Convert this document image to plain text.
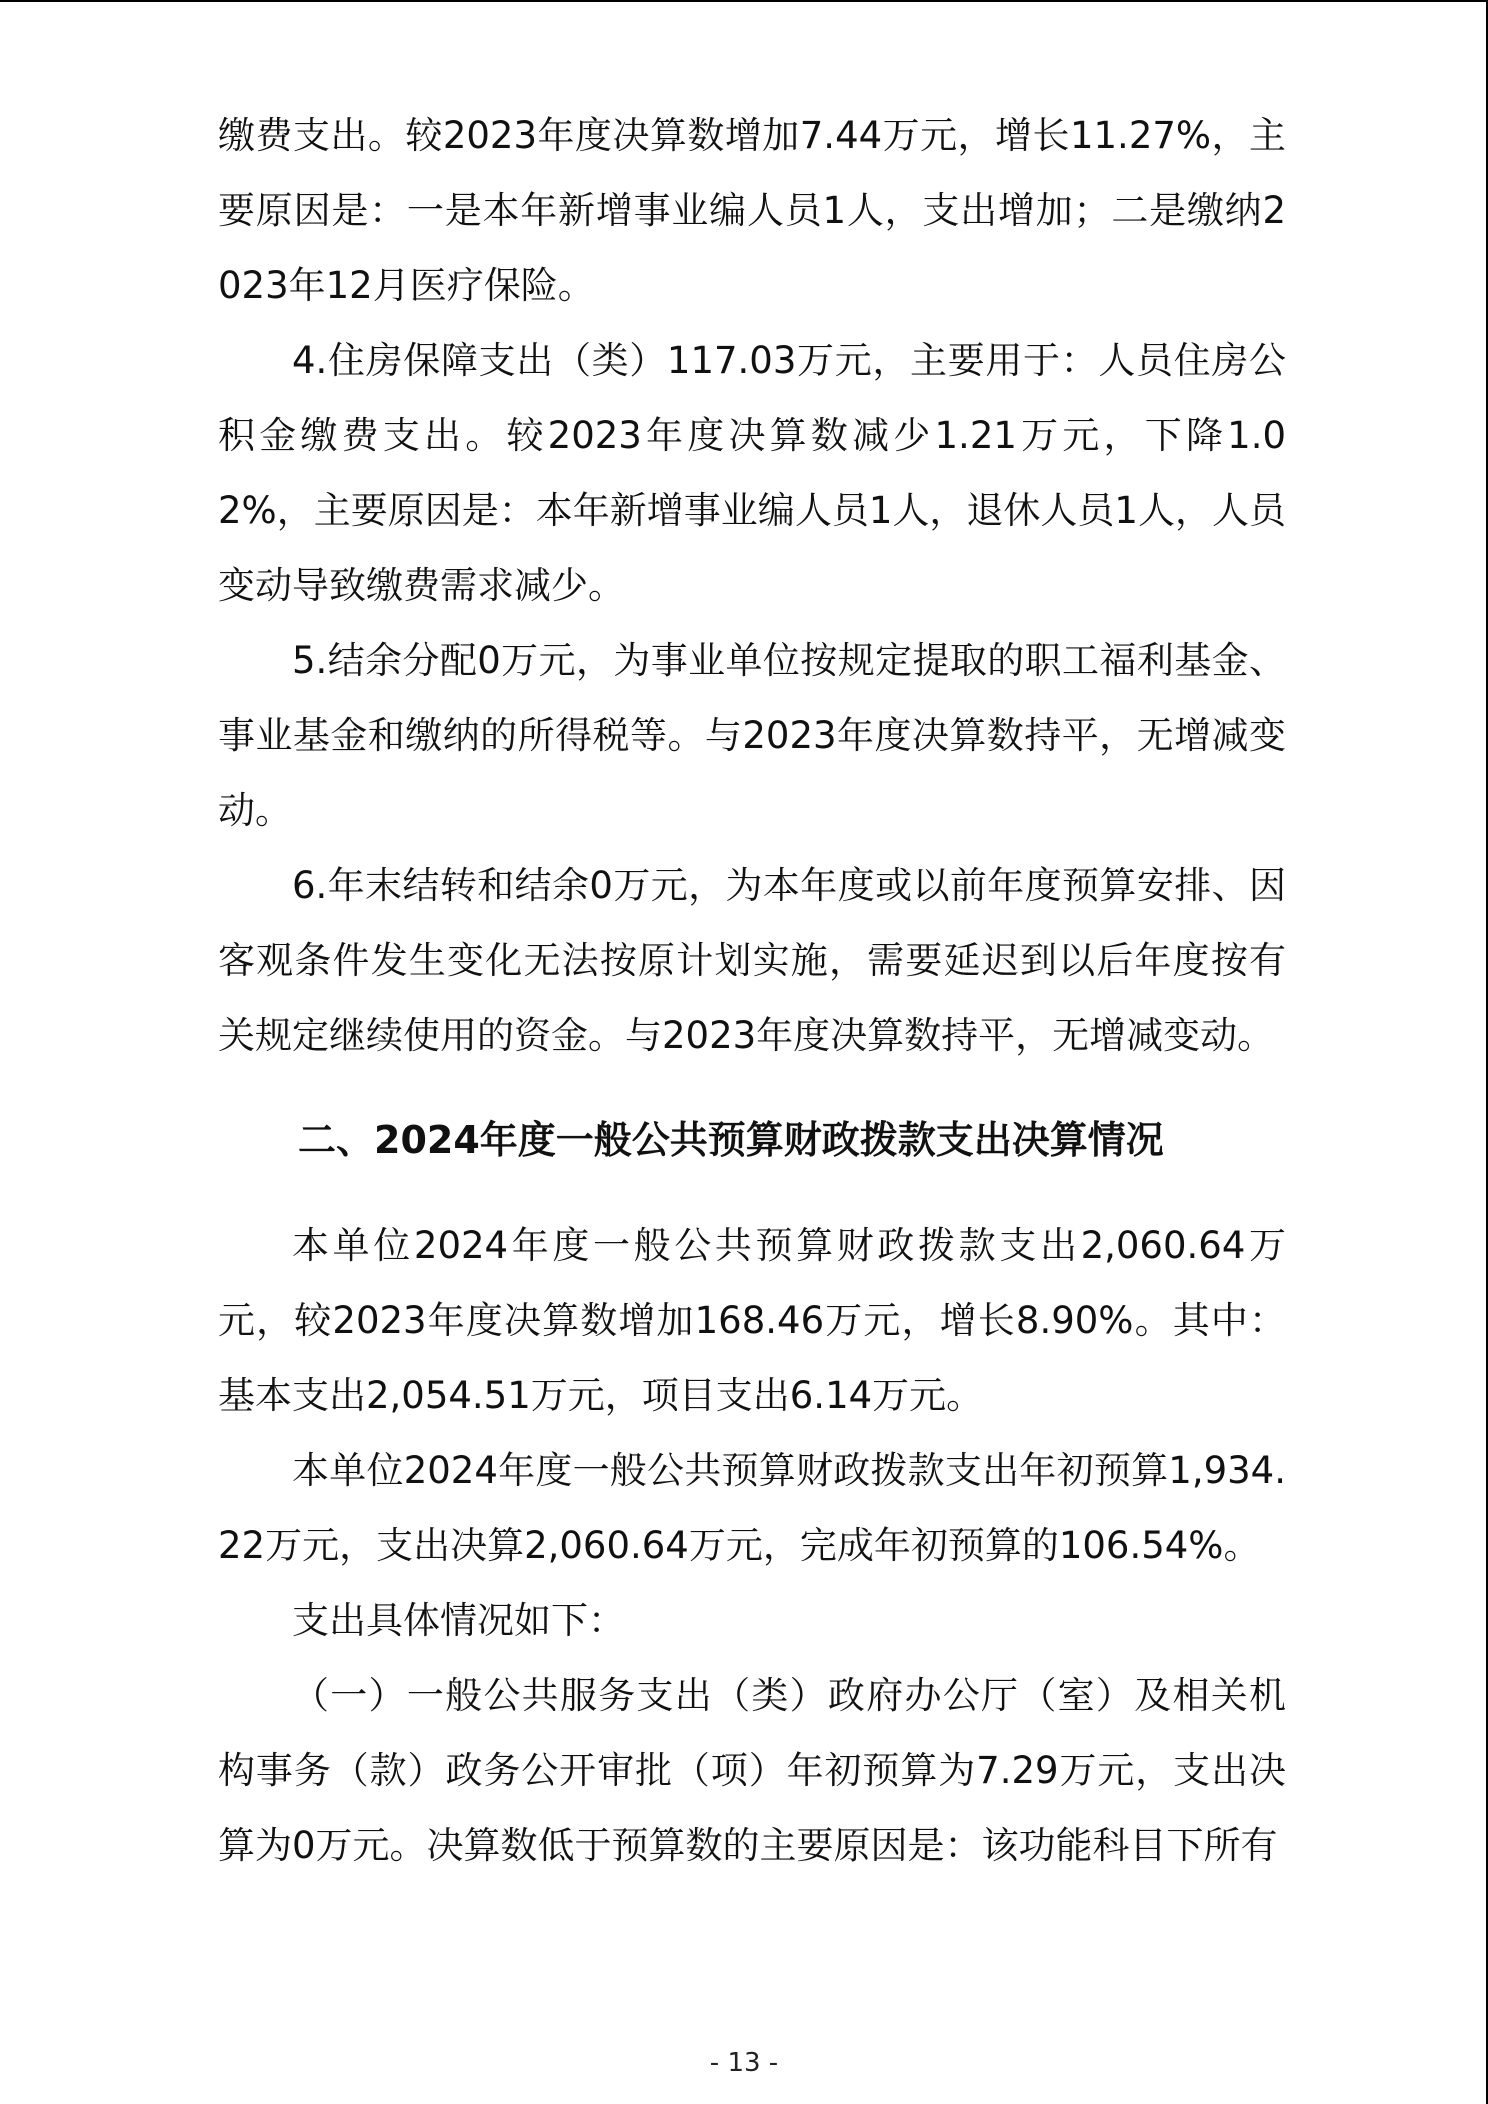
缴费支出。较2023年度决算数增加7.44万元，增长11.27%，主要原因是：一是本年新增事业编人员1人，支出增加；二是缴纳2023年12月医疗保险。

4.住房保障支出（类）117.03万元，主要用于：人员住房公积金缴费支出。较2023年度决算数减少1.21万元，下降1.02%，主要原因是：本年新增事业编人员1人，退休人员1人，人员变动导致缴费需求减少。

5.结余分配0万元，为事业单位按规定提取的职工福利基金、事业基金和缴纳的所得税等。与2023年度决算数持平，无增减变动。

6.年末结转和结余0万元，为本年度或以前年度预算安排、因客观条件发生变化无法按原计划实施，需要延迟到以后年度按有关规定继续使用的资金。与2023年度决算数持平，无增减变动。

二、2024年度一般公共预算财政拨款支出决算情况

本单位2024年度一般公共预算财政拨款支出2,060.64万元，较2023年度决算数增加168.46万元，增长8.90%。其中：基本支出2,054.51万元，项目支出6.14万元。

本单位2024年度一般公共预算财政拨款支出年初预算1,934.22万元，支出决算2,060.64万元，完成年初预算的106.54%。

支出具体情况如下：

（一）一般公共服务支出（类）政府办公厅（室）及相关机构事务（款）政务公开审批（项）年初预算为7.29万元，支出决算为0万元。决算数低于预算数的主要原因是：该功能科目下所有

- 13 -
